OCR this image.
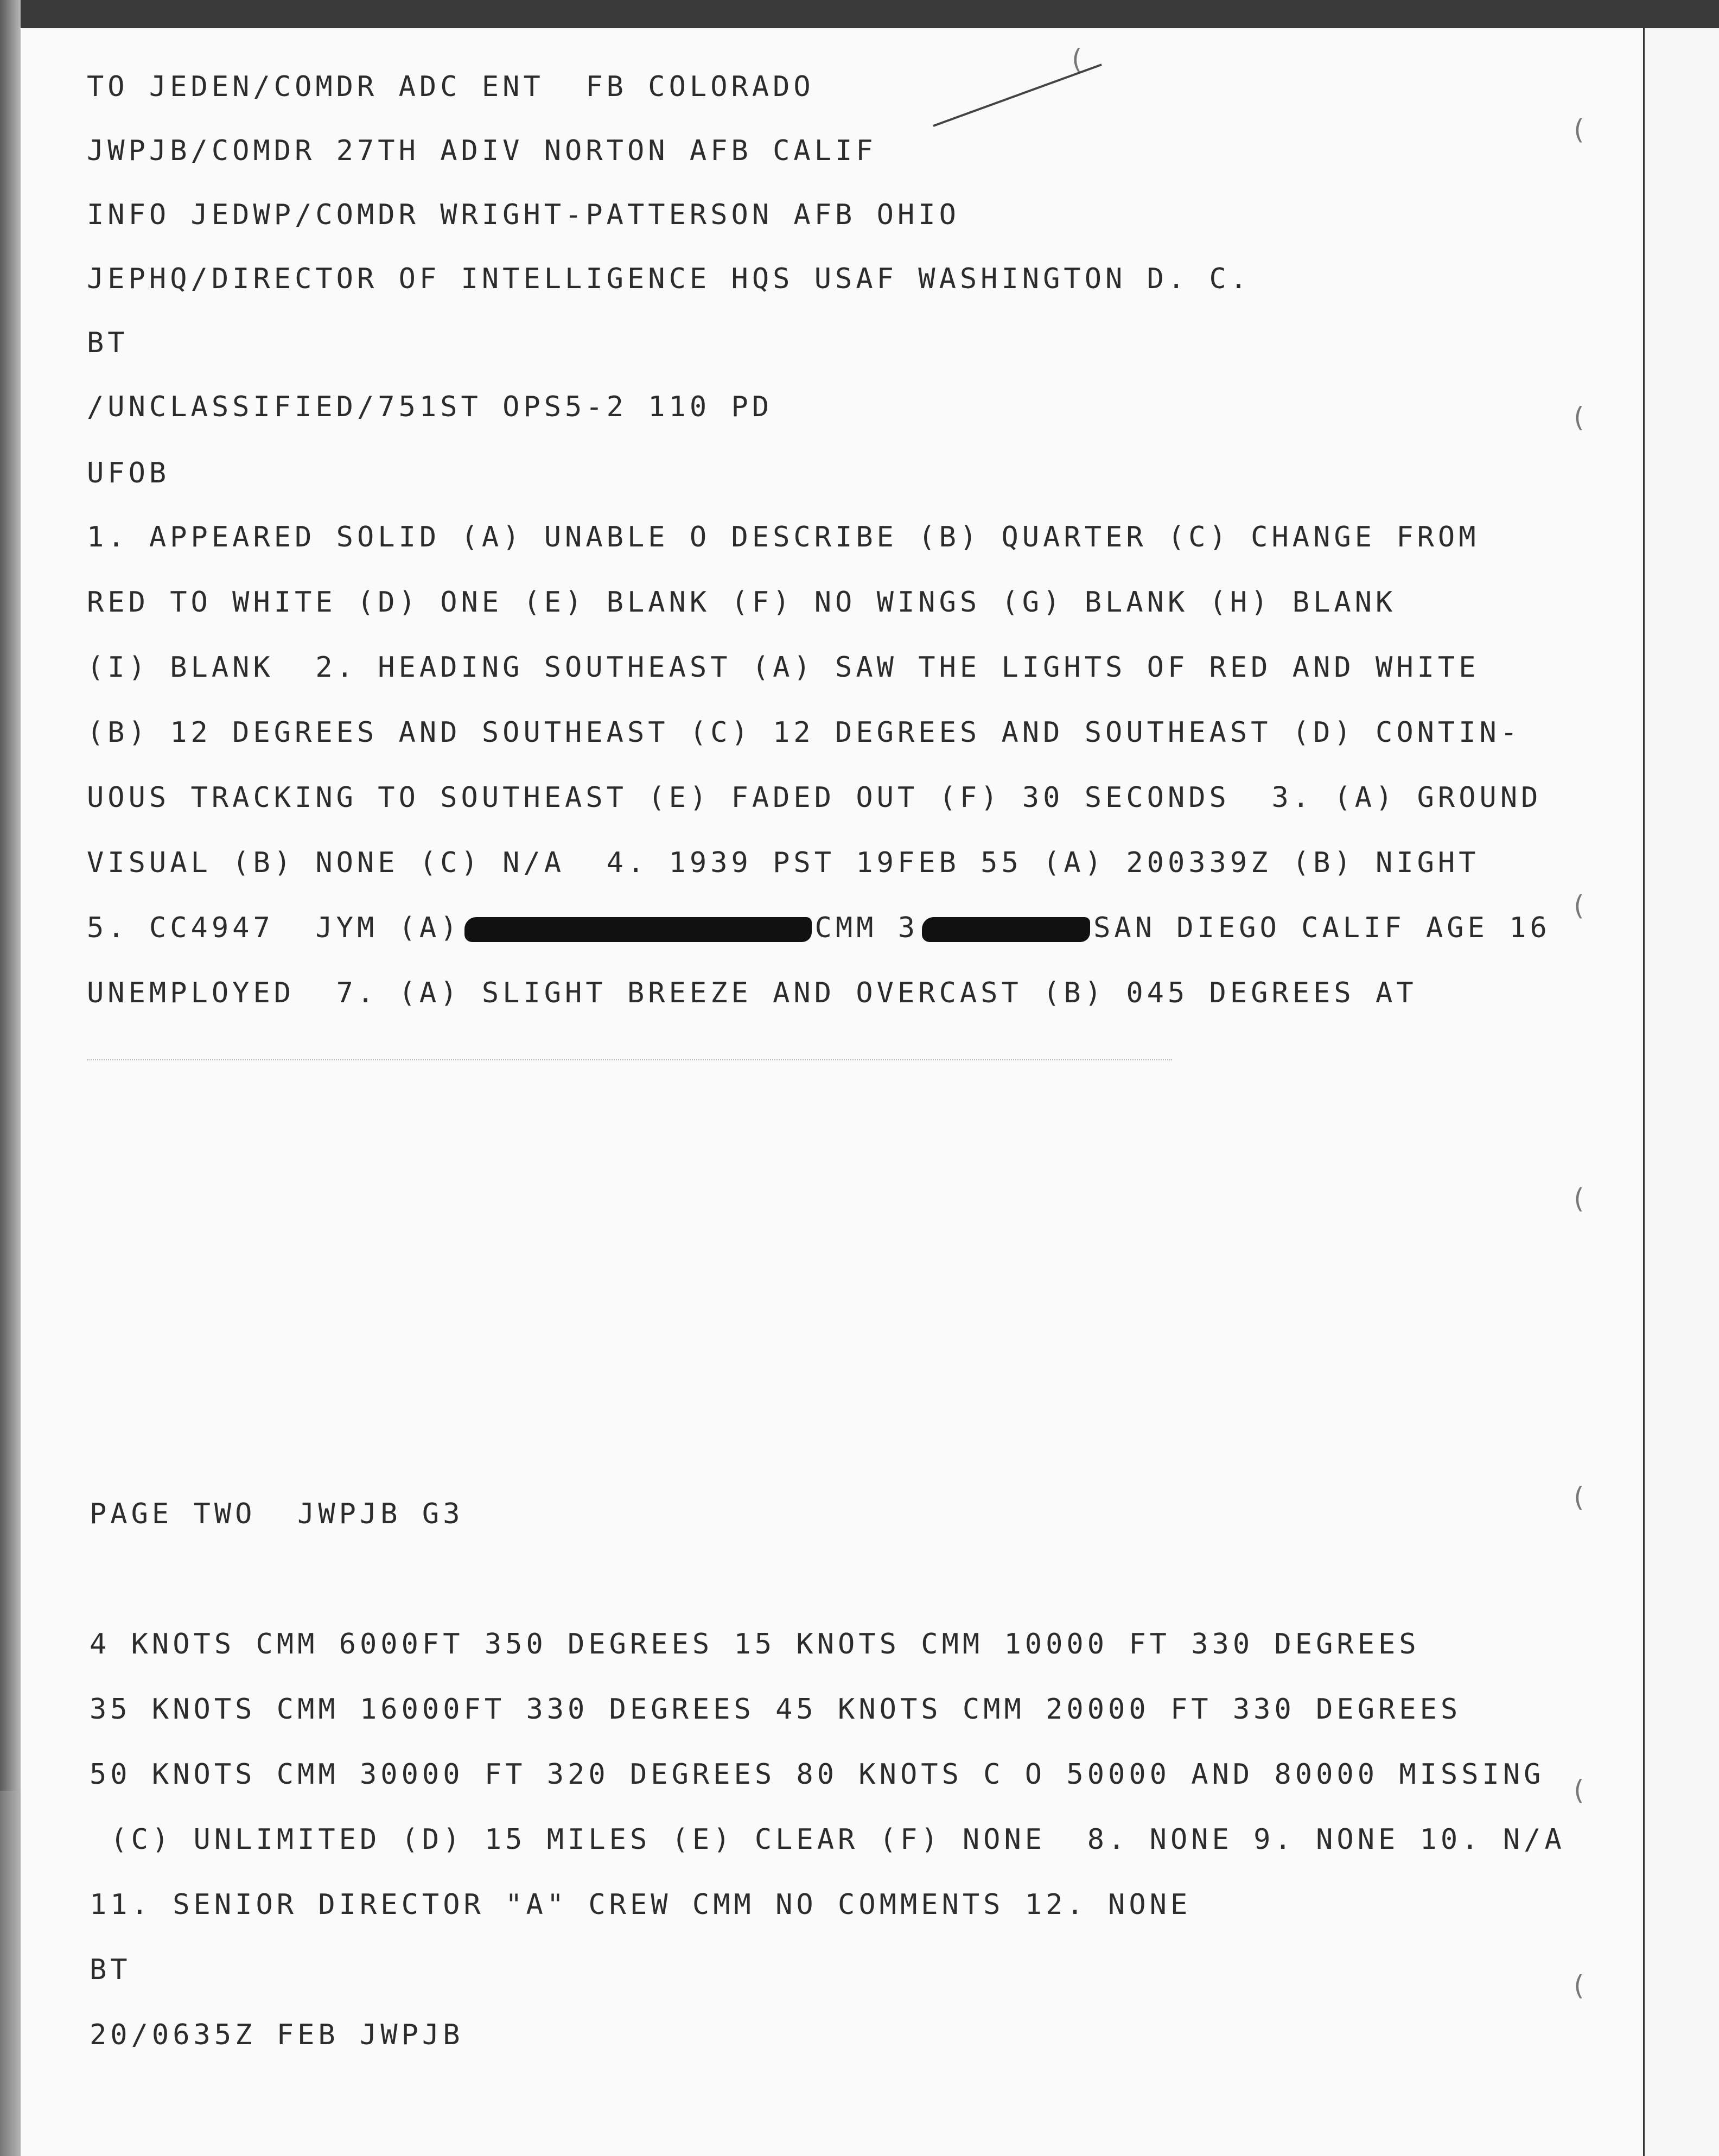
TO JEDEN/COMDR ADC ENT  FB COLORADO
JWPJB/COMDR 27TH ADIV NORTON AFB CALIF
INFO JEDWP/COMDR WRIGHT-PATTERSON AFB OHIO
JEPHQ/DIRECTOR OF INTELLIGENCE HQS USAF WASHINGTON D. C.
BT
/UNCLASSIFIED/751ST OPS5-2 110 PD
UFOB
1. APPEARED SOLID (A) UNABLE O DESCRIBE (B) QUARTER (C) CHANGE FROM
RED TO WHITE (D) ONE (E) BLANK (F) NO WINGS (G) BLANK (H) BLANK
(I) BLANK  2. HEADING SOUTHEAST (A) SAW THE LIGHTS OF RED AND WHITE
(B) 12 DEGREES AND SOUTHEAST (C) 12 DEGREES AND SOUTHEAST (D) CONTIN-
UOUS TRACKING TO SOUTHEAST (E) FADED OUT (F) 30 SECONDS  3. (A) GROUND
VISUAL (B) NONE (C) N/A  4. 1939 PST 19FEB 55 (A) 200339Z (B) NIGHT
5. CC4947  JYM (A)	CMM 3	SAN DIEGO CALIF AGE 16
UNEMPLOYED  7. (A) SLIGHT BREEZE AND OVERCAST (B) 045 DEGREES AT
PAGE TWO  JWPJB G3
4 KNOTS CMM 6000FT 350 DEGREES 15 KNOTS CMM 10000 FT 330 DEGREES
35 KNOTS CMM 16000FT 330 DEGREES 45 KNOTS CMM 20000 FT 330 DEGREES
50 KNOTS CMM 30000 FT 320 DEGREES 80 KNOTS C O 50000 AND 80000 MISSING
(C) UNLIMITED (D) 15 MILES (E) CLEAR (F) NONE  8. NONE 9. NONE 10. N/A
11. SENIOR DIRECTOR "A" CREW CMM NO COMMENTS 12. NONE
BT
20/0635Z FEB JWPJB
(
(
(
(
(
(
(
(
